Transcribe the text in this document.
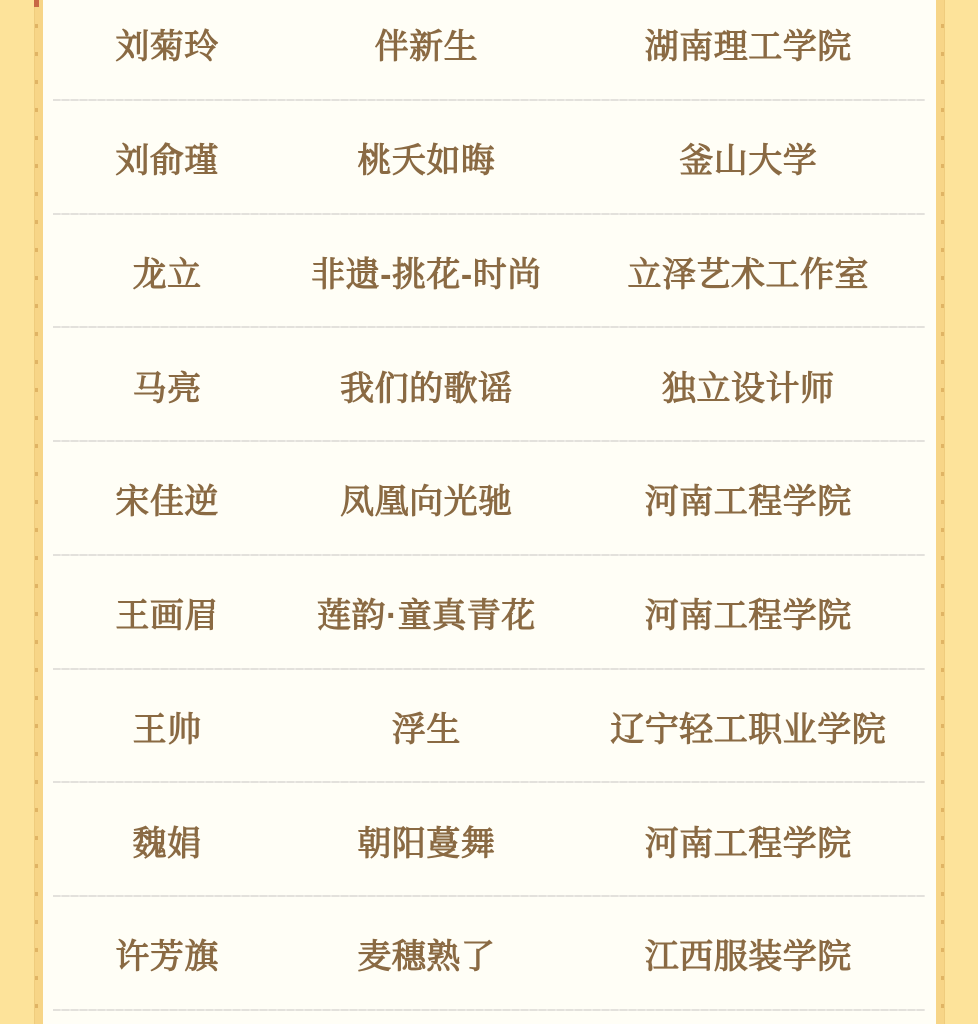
刘菊玲	伴新生	湖南理工学院
刘俞瑾	桃夭如晦	釜山大学
龙立	非遗-挑花-时尚	立泽艺术工作室
马亮	我们的歌谣	独立设计师
宋佳逆	凤凰向光驰	河南工程学院
王画眉	莲韵·童真青花	河南工程学院
王帅	浮生	辽宁轻工职业学院
魏娟	朝阳蔓舞	河南工程学院
许芳旗	麦穗熟了	江西服装学院
